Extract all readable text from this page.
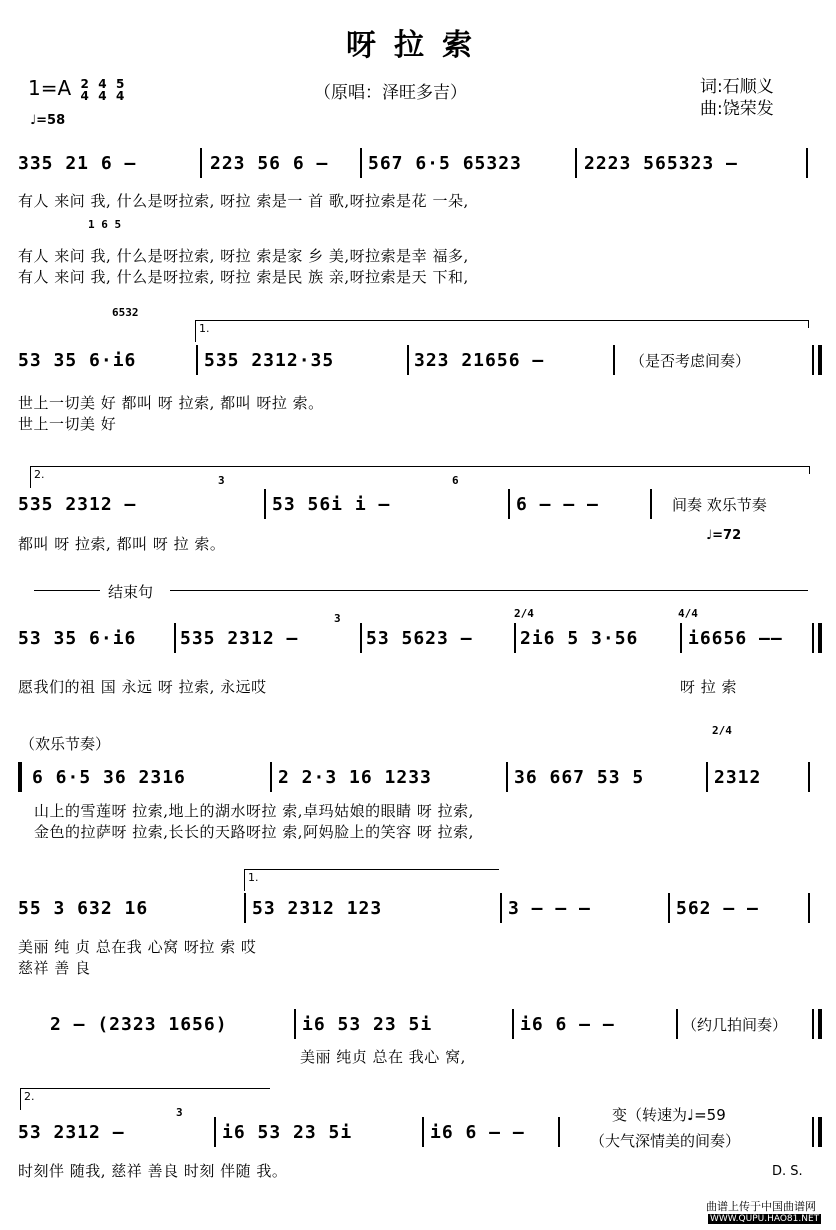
呀拉索
1=A 2
4 4
4 5
4	（原唱：泽旺多吉）	词:石顺义
曲:饶荣发
♩=58
335 21 6 –	223 56 6 – 567 6·5 65323	2223 565323 –
有人 来问 我, 什么是呀拉索, 呀拉 索是一 首 歌,呀拉索是花 一朵,
1 6 5
有人 来问 我, 什么是呀拉索, 呀拉 索是家 乡 美,呀拉索是幸 福多,
有人 来问 我, 什么是呀拉索, 呀拉 索是民 族 亲,呀拉索是天 下和,
6532
1.
53 35 6·i6	535 2312·35	323 21656 –	（是否考虑间奏）
世上一切美 好 都叫 呀 拉索, 都叫 呀拉 索。
世上一切美 好
2.	3	6
535 2312 –	53 56i i –	6 – – –	间奏 欢乐节奏
♩=72
都叫 呀 拉索, 都叫 呀 拉 索。
结束句
2/4	4/4
3
53 35 6·i6 535 2312 –	53 5623 –	2i6 5 3·56	i6656 ––
愿我们的祖 国 永远 呀 拉索, 永远哎	呀 拉 索
（欢乐节奏）
2/4
6 6·5 36 2316	2 2·3 16 1233	36 667 53 5	2312
山上的雪莲呀 拉索,地上的湖水呀拉 索,卓玛姑娘的眼睛 呀 拉索,
金色的拉萨呀 拉索,长长的天路呀拉 索,阿妈脸上的笑容 呀 拉索,
1.
55 3 632 16	53 2312 123	3 – – –	562 – –
美丽 纯 贞 总在我 心窝 呀拉 索 哎
慈祥 善 良
2 – (2323 1656)	i6 53 23 5i	i6 6 – –	（约几拍间奏）
美丽 纯贞 总在 我心 窝,
2.
3
53 2312 –	i6 53 23 5i	i6 6 – –
变（转速为♩=59
（大气深情美的间奏）
时刻伴 随我, 慈祥 善良 时刻 伴随 我。	D. S.
曲谱上传于中国曲谱网
WWW.QUPU.HAO81.NET
